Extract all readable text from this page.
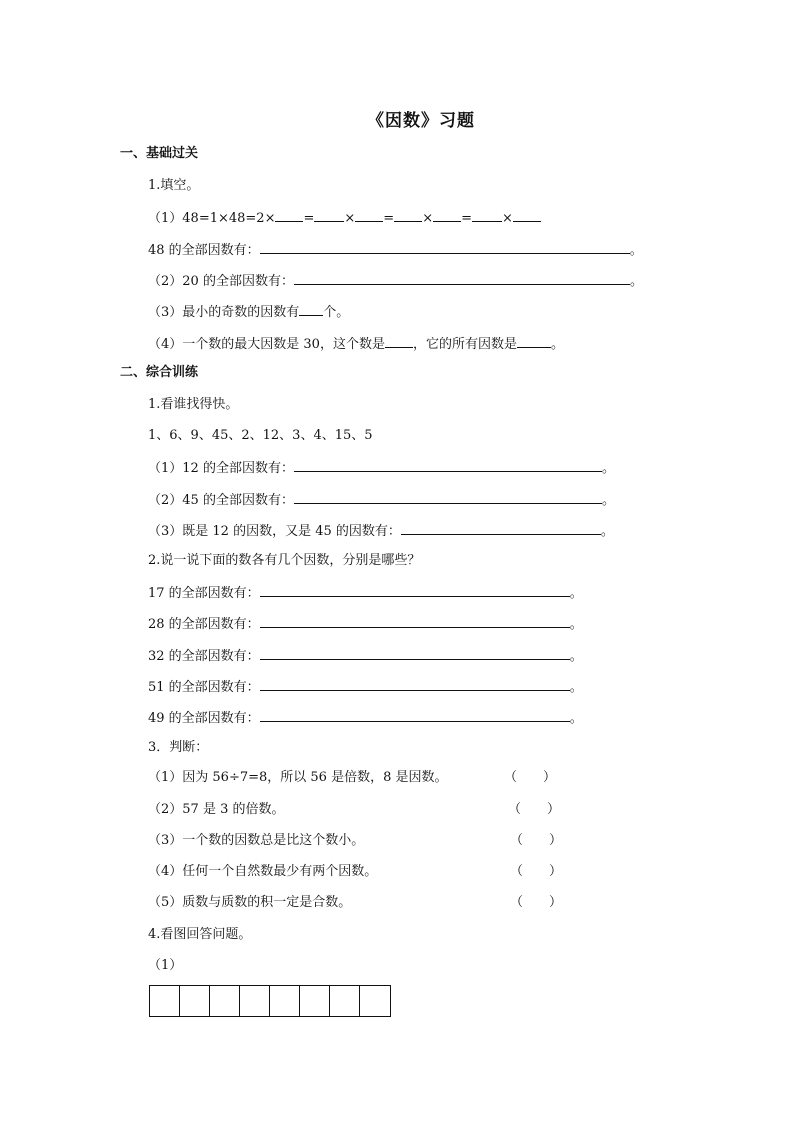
《因数》习题
一、基础过关
1.填空。
（1）48=1×48=2× = × = × = ×
48 的全部因数有：	。
（2）20 的全部因数有：	。
（3）最小的奇数的因数有 个。
（4）一个数的最大因数是 30，这个数是 ，它的所有因数是	。
二、综合训练
1.看谁找得快。
1、6、9、45、2、12、3、4、15、5
（1）12 的全部因数有：	。
（2）45 的全部因数有：	。
（3）既是 12 的因数，又是 45 的因数有：	。
2.说一说下面的数各有几个因数，分别是哪些？
17 的全部因数有：	。
28 的全部因数有：	。
32 的全部因数有：	。
51 的全部因数有：	。
49 的全部因数有：	。
3．判断：
（1）因为 56÷7=8，所以 56 是倍数，8 是因数。	（　　）
（2）57 是 3 的倍数。	（　　）
（3）一个数的因数总是比这个数小。	（　　）
（4）任何一个自然数最少有两个因数。	（　　）
（5）质数与质数的积一定是合数。	（　　）
4.看图回答问题。
（1）
